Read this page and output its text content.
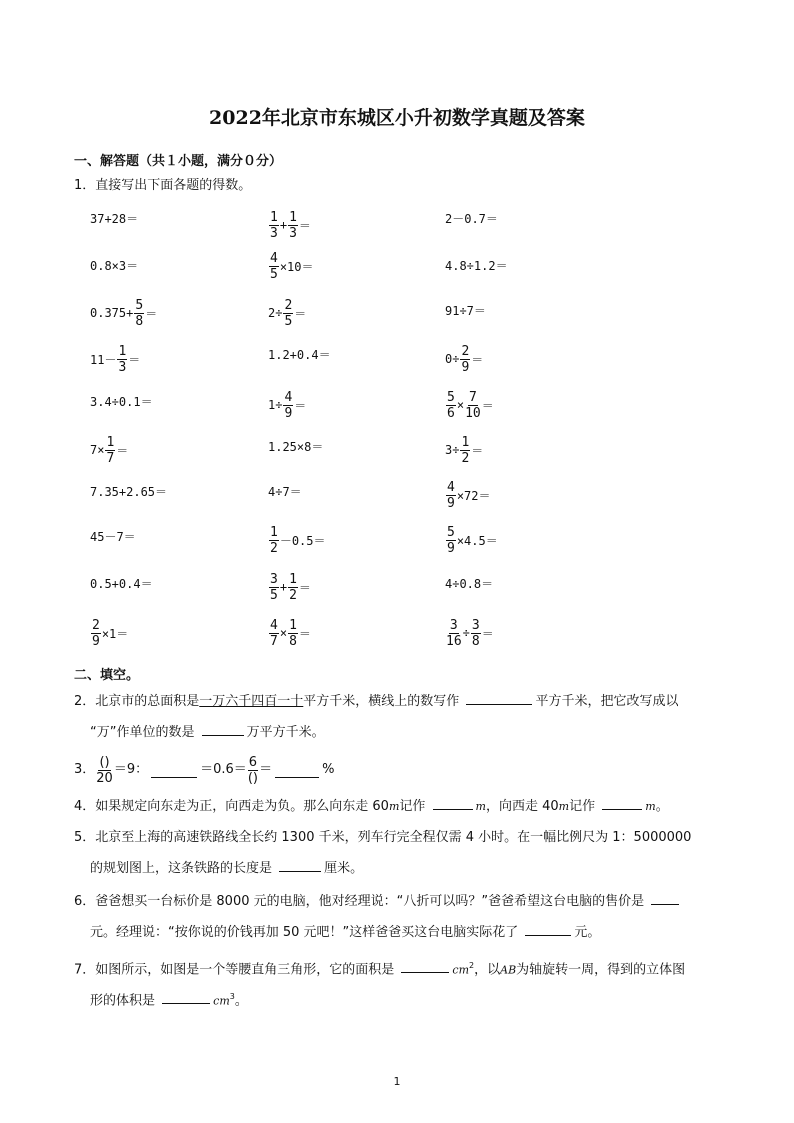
2022年北京市东城区小升初数学真题及答案
一、解答题（共１小题，满分０分）
1．直接写出下面各题的得数。
37+28＝	$\frac{1}{3} + \frac{1}{3}$ ＝	2－0.7＝
0.8×3＝	$\frac{4}{5} \times 10=$	4.8÷1.2＝
$0.375+ \frac{5}{8}$ ＝	$2\div \frac{2}{5}$ ＝	91÷7＝
$11- \frac{1}{3}$ ＝	1.2+0.4＝	$0\div \frac{2}{9}$ ＝
3.4÷0.1＝	$1\div \frac{4}{9}$ ＝	$\frac{5}{6} \times \frac{7}{10}$ ＝
$7\times \frac{1}{7}$ ＝	1.25×8＝	$3\div \frac{1}{2}$ ＝
7.35+2.65＝	4÷7＝	$\frac{4}{9} \times 72=$
45－7＝	$\frac{1}{2} -0.5=$	$\frac{5}{9} \times 4.5=$
0.5+0.4＝	$\frac{3}{5} + \frac{1}{2}$ ＝	4÷0.8＝
$\frac{2}{9} \times 1=$	$\frac{4}{7} \times \frac{1}{8}$ ＝	$\frac{3}{16} \div \frac{3}{8}$ ＝
二、填空。
2．北京市的总面积是一万六千四百一十平方千米，横线上的数写作	平方千米，把它改写成以
“万”作单位的数是	万平方千米。
3． $\frac{()}{20} =9$：	$=0.6= \frac{6}{()}$ ＝	%
4．如果规定向东走为正，向西走为负。那么向东走 60m记作	m，向西走 40m记作	m。
5．北京至上海的高速铁路线全长约 1300 千米，列车行完全程仅需 4 小时。在一幅比例尺为 1：5000000
的规划图上，这条铁路的长度是	厘米。
6．爸爸想买一台标价是 8000 元的电脑，他对经理说：“八折可以吗？”爸爸希望这台电脑的售价是
元。经理说：“按你说的价钱再加 50 元吧！”这样爸爸买这台电脑实际花了	元。
7．如图所示，如图是一个等腰直角三角形，它的面积是	$cm^2$，以AB为轴旋转一周，得到的立体图
形的体积是	$cm^3$。
1
